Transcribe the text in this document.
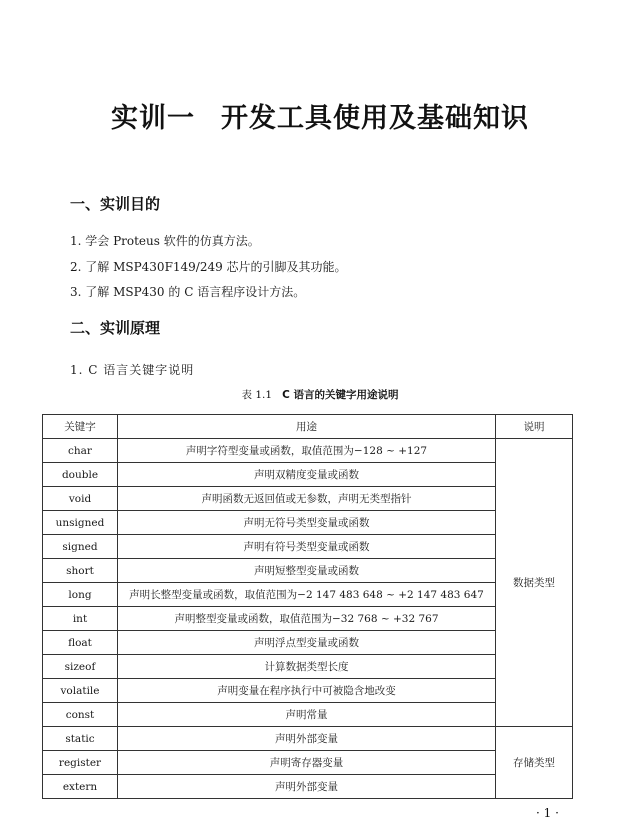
实训一 开发工具使用及基础知识
一、实训目的

1. 学会 Proteus 软件的仿真方法。

2. 了解 MSP430F149/249 芯片的引脚及其功能。

3. 了解 MSP430 的 C 语言程序设计方法。

二、实训原理

1. C 语言关键字说明

表 1.1 C 语言的关键字用途说明

关键字	用途	说明
char	声明字符型变量或函数，取值范围为−128 ~ +127	数据类型
double	声明双精度变量或函数	
void	声明函数无返回值或无参数，声明无类型指针	
unsigned	声明无符号类型变量或函数	
signed	声明有符号类型变量或函数	
short	声明短整型变量或函数	
long	声明长整型变量或函数，取值范围为−2 147 483 648 ~ +2 147 483 647	
int	声明整型变量或函数，取值范围为−32 768 ~ +32 767	
float	声明浮点型变量或函数	
sizeof	计算数据类型长度	
volatile	声明变量在程序执行中可被隐含地改变	
const	声明常量	
static	声明外部变量	存储类型
register	声明寄存器变量	
extern	声明外部变量	

· 1 ·
